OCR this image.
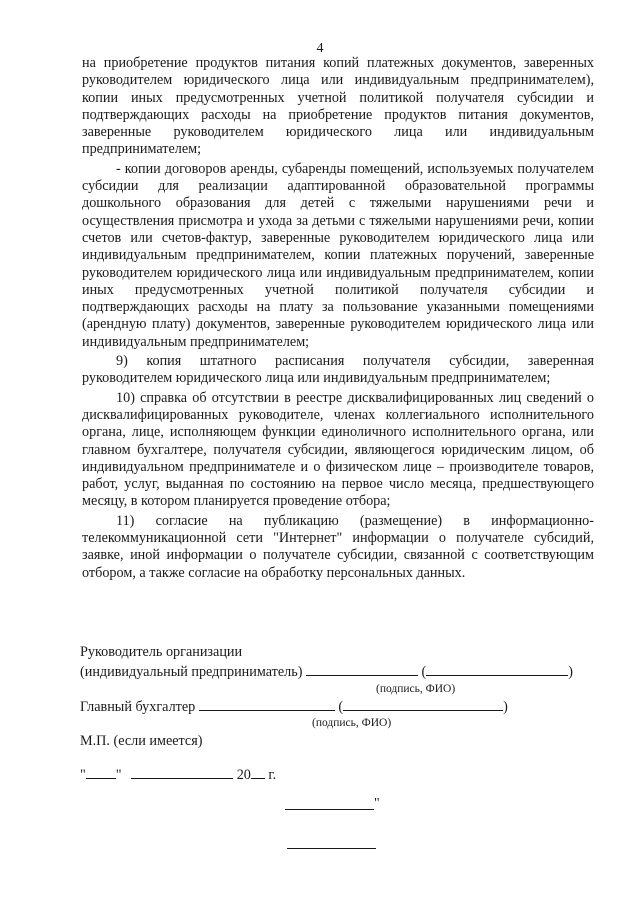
4

на приобретение продуктов питания копий платежных документов, заверенных руководителем юридического лица или индивидуальным предпринимателем), копии иных предусмотренных учетной политикой получателя субсидии и подтверждающих расходы на приобретение продуктов питания документов, заверенные руководителем юридического лица или индивидуальным предпринимателем;

- копии договоров аренды, субаренды помещений, используемых получателем субсидии для реализации адаптированной образовательной программы дошкольного образования для детей с тяжелыми нарушениями речи и осуществления присмотра и ухода за детьми с тяжелыми нарушениями речи, копии счетов или счетов-фактур, заверенные руководителем юридического лица или индивидуальным предпринимателем, копии платежных поручений, заверенные руководителем юридического лица или индивидуальным предпринимателем, копии иных предусмотренных учетной политикой получателя субсидии и подтверждающих расходы на плату за пользование указанными помещениями (арендную плату) документов, заверенные руководителем юридического лица или индивидуальным предпринимателем;

9) копия штатного расписания получателя субсидии, заверенная руководителем юридического лица или индивидуальным предпринимателем;

10) справка об отсутствии в реестре дисквалифицированных лиц сведений о дисквалифицированных руководителе, членах коллегиального исполнительного органа, лице, исполняющем функции единоличного исполнительного органа, или главном бухгалтере, получателя субсидии, являющегося юридическим лицом, об индивидуальном предпринимателе и о физическом лице – производителе товаров, работ, услуг, выданная по состоянию на первое число месяца, предшествующего месяцу, в котором планируется проведение отбора;

11) согласие на публикацию (размещение) в информационно-телекоммуникационной сети "Интернет" информации о получателе субсидий, заявке, иной информации о получателе субсидии, связанной с соответствующим отбором, а также согласие на обработку персональных данных.

Руководитель организации
(индивидуальный предприниматель)	(	)
(подпись, ФИО)
Главный бухгалтер	(	)
(подпись, ФИО)
М.П. (если имеется)
" "	20 г.
"
